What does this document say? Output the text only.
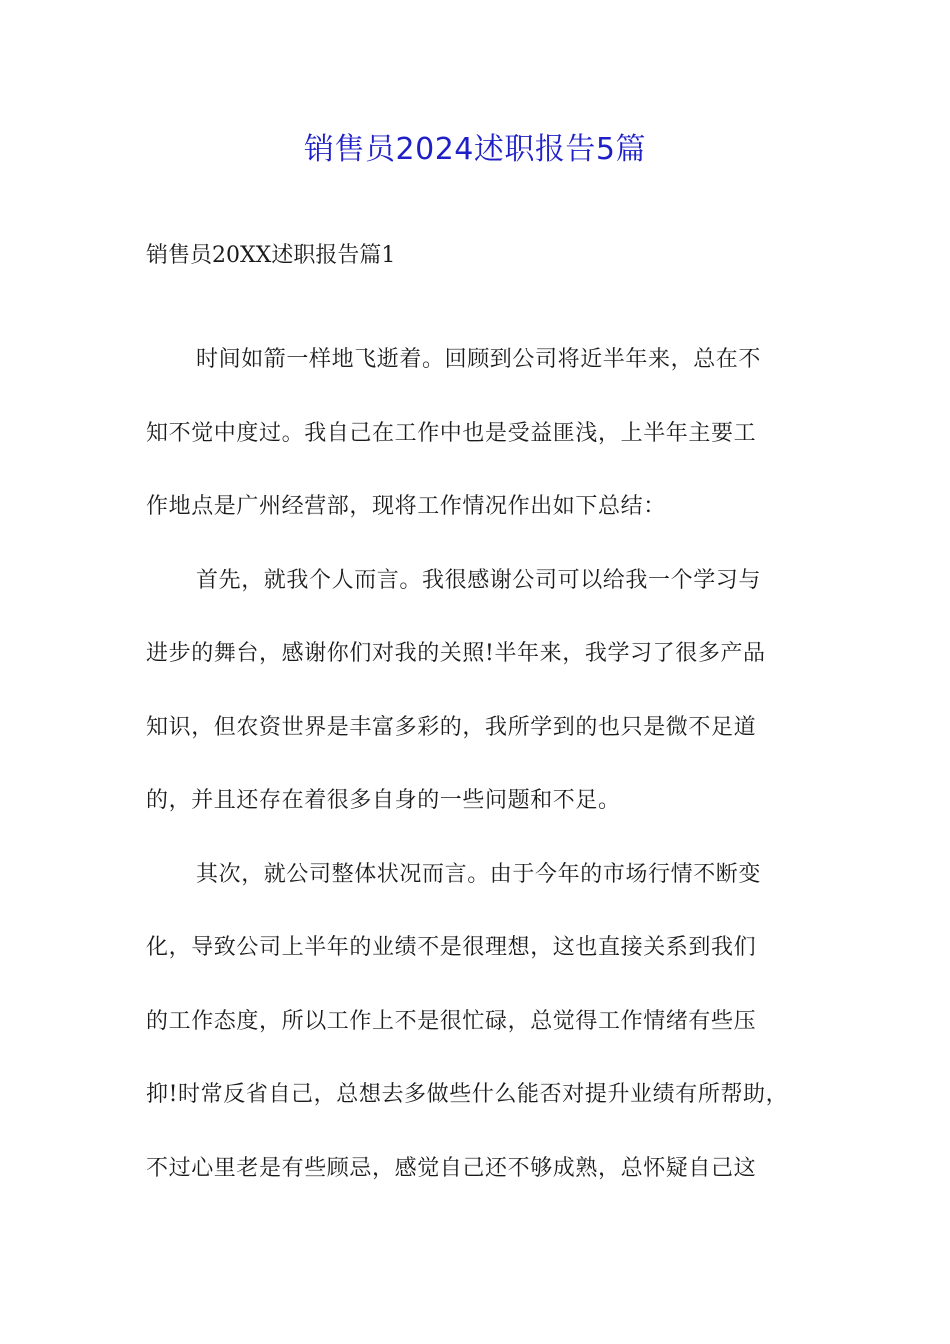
销售员2024述职报告5篇
销售员20XX述职报告篇1
时间如箭一样地飞逝着。回顾到公司将近半年来，总在不
知不觉中度过。我自己在工作中也是受益匪浅，上半年主要工
作地点是广州经营部，现将工作情况作出如下总结：
首先，就我个人而言。我很感谢公司可以给我一个学习与
进步的舞台，感谢你们对我的关照!半年来，我学习了很多产品
知识，但农资世界是丰富多彩的，我所学到的也只是微不足道
的，并且还存在着很多自身的一些问题和不足。
其次，就公司整体状况而言。由于今年的市场行情不断变
化，导致公司上半年的业绩不是很理想，这也直接关系到我们
的工作态度，所以工作上不是很忙碌，总觉得工作情绪有些压
抑!时常反省自己，总想去多做些什么能否对提升业绩有所帮助，
不过心里老是有些顾忌，感觉自己还不够成熟，总怀疑自己这
